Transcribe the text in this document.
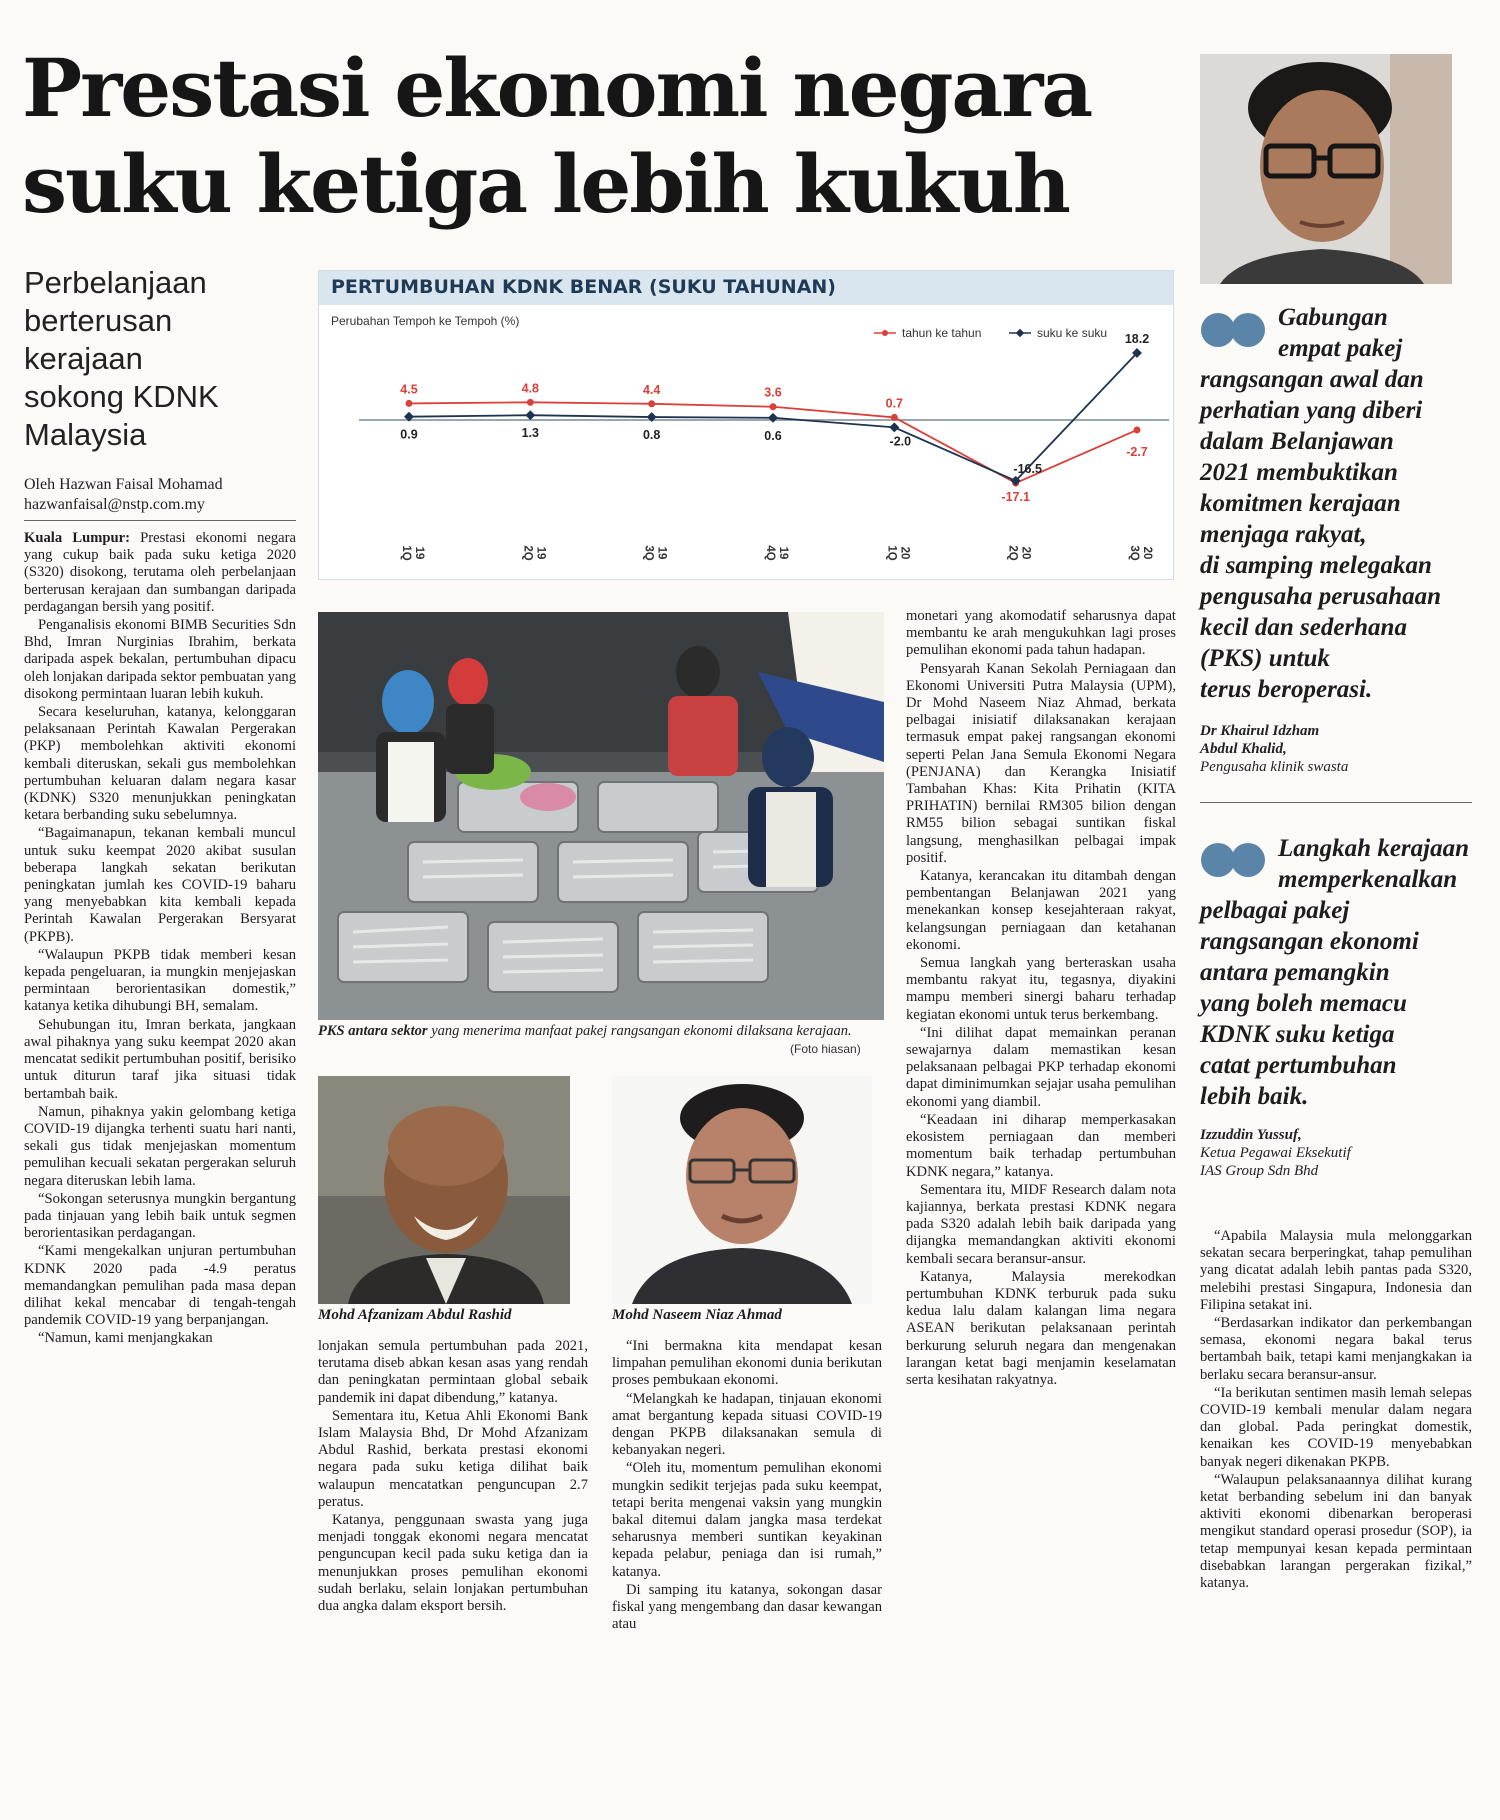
Prestasi ekonomi negara
suku ketiga lebih kukuh
Perbelanjaan
berterusan
kerajaan
sokong KDNK
Malaysia
Oleh Hazwan Faisal Mohamad
hazwanfaisal@nstp.com.my
PERTUMBUHAN KDNK BENAR (SUKU TAHUNAN)
Perubahan Tempoh ke Tempoh (%)
tahun ke tahun	suku ke suku
4.5	4.8	4.4	3.6
0.7
-17.1
-2.7
0.9	1.3	0.8	0.6	-2.0
-16.5
18.2
1Q 19	2Q 19	3Q 19	4Q 19	1Q 20	2Q 20	3Q 20

Kuala Lumpur: Prestasi ekonomi negara yang cukup baik pada suku ketiga 2020 (S320) disokong, terutama oleh perbelanjaan berterusan kerajaan dan sumbangan daripada perdagangan bersih yang positif.

Penganalisis ekonomi BIMB Securities Sdn Bhd, Imran Nurginias Ibrahim, berkata daripada aspek bekalan, pertumbuhan dipacu oleh lonjakan daripada sektor pembuatan yang disokong permintaan luaran lebih kukuh.

Secara keseluruhan, katanya, kelonggaran pelaksanaan Perintah Kawalan Pergerakan (PKP) membolehkan aktiviti ekonomi kembali diteruskan, sekali gus membolehkan pertumbuhan keluaran dalam negara kasar (KDNK) S320 menunjukkan peningkatan ketara berbanding suku sebelumnya.

“Bagaimanapun, tekanan kembali muncul untuk suku keempat 2020 akibat susulan beberapa langkah sekatan berikutan peningkatan jumlah kes COVID-19 baharu yang menyebabkan kita kembali kepada Perintah Kawalan Pergerakan Bersyarat (PKPB).

“Walaupun PKPB tidak memberi kesan kepada pengeluaran, ia mungkin menjejaskan permintaan berorientasikan domestik,” katanya ketika dihubungi BH, semalam.

Sehubungan itu, Imran berkata, jangkaan awal pihaknya yang suku keempat 2020 akan mencatat sedikit pertumbuhan positif, berisiko untuk diturun taraf jika situasi tidak bertambah baik.

Namun, pihaknya yakin gelombang ketiga COVID-19 dijangka terhenti suatu hari nanti, sekali gus tidak menjejaskan momentum pemulihan kecuali sekatan pergerakan seluruh negara diteruskan lebih lama.

“Sokongan seterusnya mungkin bergantung pada tinjauan yang lebih baik untuk segmen berorientasikan perdagangan.

“Kami mengekalkan unjuran pertumbuhan KDNK 2020 pada -4.9 peratus memandangkan pemulihan pada masa depan dilihat kekal mencabar di tengah-tengah pandemik COVID-19 yang berpanjangan.

“Namun, kami menjangkakan

PKS antara sektor yang menerima manfaat pakej rangsangan ekonomi dilaksana kerajaan.
(Foto hiasan)
Mohd Afzanizam Abdul Rashid	Mohd Naseem Niaz Ahmad

lonjakan semula pertumbuhan pada 2021, terutama diseb abkan kesan asas yang rendah dan peningkatan permintaan global sebaik pandemik ini dapat dibendung,” katanya.

Sementara itu, Ketua Ahli Ekonomi Bank Islam Malaysia Bhd, Dr Mohd Afzanizam Abdul Rashid, berkata prestasi ekonomi negara pada suku ketiga dilihat baik walaupun mencatatkan penguncupan 2.7 peratus.

Katanya, penggunaan swasta yang juga menjadi tonggak ekonomi negara mencatat penguncupan kecil pada suku ketiga dan ia menunjukkan proses pemulihan ekonomi sudah berlaku, selain lonjakan pertumbuhan dua angka dalam eksport bersih.

“Ini bermakna kita mendapat kesan limpahan pemulihan ekonomi dunia berikutan proses pembukaan ekonomi.

“Melangkah ke hadapan, tinjauan ekonomi amat bergantung kepada situasi COVID-19 dengan PKPB dilaksanakan semula di kebanyakan negeri.

“Oleh itu, momentum pemulihan ekonomi mungkin sedikit terjejas pada suku keempat, tetapi berita mengenai vaksin yang mungkin bakal ditemui dalam jangka masa terdekat seharusnya memberi suntikan keyakinan kepada pelabur, peniaga dan isi rumah,” katanya.

Di samping itu katanya, sokongan dasar fiskal yang mengembang dan dasar kewangan atau

monetari yang akomodatif seharusnya dapat membantu ke arah mengukuhkan lagi proses pemulihan ekonomi pada tahun hadapan.

Pensyarah Kanan Sekolah Perniagaan dan Ekonomi Universiti Putra Malaysia (UPM), Dr Mohd Naseem Niaz Ahmad, berkata pelbagai inisiatif dilaksanakan kerajaan termasuk empat pakej rangsangan ekonomi seperti Pelan Jana Semula Ekonomi Negara (PENJANA) dan Kerangka Inisiatif Tambahan Khas: Kita Prihatin (KITA PRIHATIN) bernilai RM305 bilion dengan RM55 bilion sebagai suntikan fiskal langsung, menghasilkan pelbagai impak positif.

Katanya, kerancakan itu ditambah dengan pembentangan Belanjawan 2021 yang menekankan konsep kesejahteraan rakyat, kelangsungan perniagaan dan ketahanan ekonomi.

Semua langkah yang berteraskan usaha membantu rakyat itu, tegasnya, diyakini mampu memberi sinergi baharu terhadap kegiatan ekonomi untuk terus berkembang.

“Ini dilihat dapat memainkan peranan sewajarnya dalam memastikan kesan pelaksanaan pelbagai PKP terhadap ekonomi dapat diminimumkan sejajar usaha pemulihan ekonomi yang diambil.

“Keadaan ini diharap memperkasakan ekosistem perniagaan dan memberi momentum baik terhadap pertumbuhan KDNK negara,” katanya.

Sementara itu, MIDF Research dalam nota kajiannya, berkata prestasi KDNK negara pada S320 adalah lebih baik daripada yang dijangka memandangkan aktiviti ekonomi kembali secara beransur-ansur.

Katanya, Malaysia merekodkan pertumbuhan KDNK terburuk pada suku kedua lalu dalam kalangan lima negara ASEAN berikutan pelaksanaan perintah berkurung seluruh negara dan mengenakan larangan ketat bagi menjamin keselamatan serta kesihatan rakyatnya.

Gabungan
empat pakej
rangsangan awal dan
perhatian yang diberi
dalam Belanjawan
2021 membuktikan
komitmen kerajaan
menjaga rakyat,
di samping melegakan
pengusaha perusahaan
kecil dan sederhana
(PKS) untuk
terus beroperasi.
Dr Khairul Idzham
Abdul Khalid,
Pengusaha klinik swasta
Langkah kerajaan
memperkenalkan
pelbagai pakej
rangsangan ekonomi
antara pemangkin
yang boleh memacu
KDNK suku ketiga
catat pertumbuhan
lebih baik.
Izzuddin Yussuf,
Ketua Pegawai Eksekutif
IAS Group Sdn Bhd

“Apabila Malaysia mula melonggarkan sekatan secara berperingkat, tahap pemulihan yang dicatat adalah lebih pantas pada S320, melebihi prestasi Singapura, Indonesia dan Filipina setakat ini.

“Berdasarkan indikator dan perkembangan semasa, ekonomi negara bakal terus bertambah baik, tetapi kami menjangkakan ia berlaku secara beransur-ansur.

“Ia berikutan sentimen masih lemah selepas COVID-19 kembali menular dalam negara dan global. Pada peringkat domestik, kenaikan kes COVID-19 menyebabkan banyak negeri dikenakan PKPB.

“Walaupun pelaksanaannya dilihat kurang ketat berbanding sebelum ini dan banyak aktiviti ekonomi dibenarkan beroperasi mengikut standard operasi prosedur (SOP), ia tetap mempunyai kesan kepada permintaan disebabkan larangan pergerakan fizikal,” katanya.
